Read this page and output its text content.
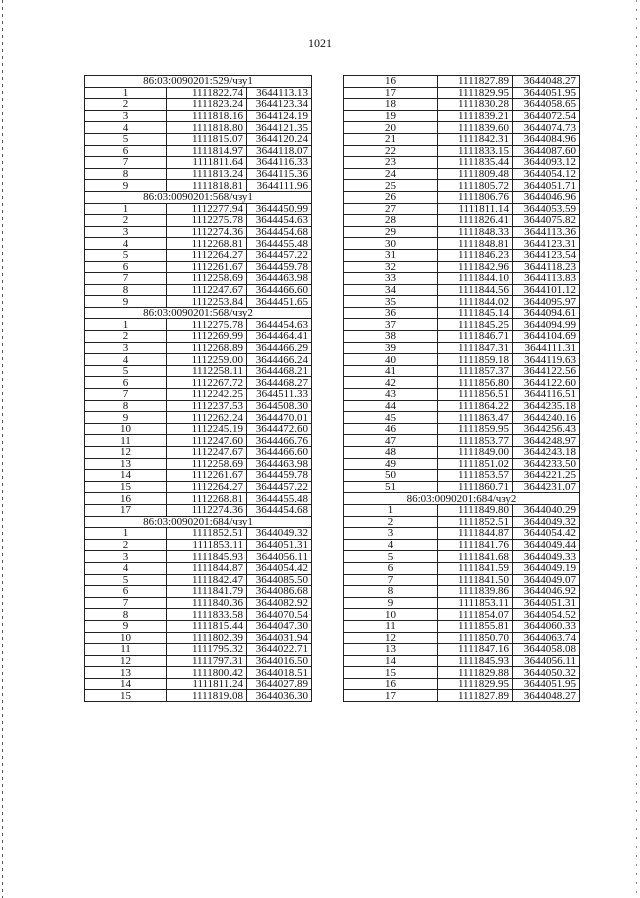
1021
86:03:0090201:529/чзу1		
1	1111822.74	3644113.13
2	1111823.24	3644123.34
3	1111818.16	3644124.19
4	1111818.80	3644121.35
5	1111815.07	3644120.24
6	1111814.97	3644118.07
7	1111811.64	3644116.33
8	1111813.24	3644115.36
9	1111818.81	3644111.96
86:03:0090201:568/чзу1		
1	1112277.94	3644450.99
2	1112275.78	3644454.63
3	1112274.36	3644454.68
4	1112268.81	3644455.48
5	1112264.27	3644457.22
6	1112261.67	3644459.78
7	1112258.69	3644463.98
8	1112247.67	3644466.60
9	1112253.84	3644451.65
86:03:0090201:568/чзу2		
1	1112275.78	3644454.63
2	1112269.99	3644464.41
3	1112268.89	3644466.29
4	1112259.00	3644466.24
5	1112258.11	3644468.21
6	1112267.72	3644468.27
7	1112242.25	3644511.33
8	1112237.53	3644508.30
9	1112262.24	3644470.01
10	1112245.19	3644472.60
11	1112247.60	3644466.76
12	1112247.67	3644466.60
13	1112258.69	3644463.98
14	1112261.67	3644459.78
15	1112264.27	3644457.22
16	1112268.81	3644455.48
17	1112274.36	3644454.68
86:03:0090201:684/чзу1		
1	1111852.51	3644049.32
2	1111853.11	3644051.31
3	1111845.93	3644056.11
4	1111844.87	3644054.42
5	1111842.47	3644085.50
6	1111841.79	3644086.68
7	1111840.36	3644082.92
8	1111833.58	3644070.54
9	1111815.44	3644047.30
10	1111802.39	3644031.94
11	1111795.32	3644022.71
12	1111797.31	3644016.50
13	1111800.42	3644018.51
14	1111811.24	3644027.89
15	1111819.08	3644036.30
16	1111827.89	3644048.27
17	1111829.95	3644051.95
18	1111830.28	3644058.65
19	1111839.21	3644072.54
20	1111839.60	3644074.73
21	1111842.31	3644084.96
22	1111833.15	3644087.60
23	1111835.44	3644093.12
24	1111809.48	3644054.12
25	1111805.72	3644051.71
26	1111806.76	3644046.96
27	1111811.14	3644053.59
28	1111826.41	3644075.82
29	1111848.33	3644113.36
30	1111848.81	3644123.31
31	1111846.23	3644123.54
32	1111842.96	3644118.23
33	1111844.10	3644113.83
34	1111844.56	3644101.12
35	1111844.02	3644095.97
36	1111845.14	3644094.61
37	1111845.25	3644094.99
38	1111846.71	3644104.69
39	1111847.31	3644111.31
40	1111859.18	3644119.63
41	1111857.37	3644122.56
42	1111856.80	3644122.60
43	1111856.51	3644116.51
44	1111864.22	3644235.18
45	1111863.47	3644240.16
46	1111859.95	3644256.43
47	1111853.77	3644248.97
48	1111849.00	3644243.18
49	1111851.02	3644233.50
50	1111853.57	3644221.25
51	1111860.71	3644231.07
86:03:0090201:684/чзу2		
1	1111849.80	3644040.29
2	1111852.51	3644049.32
3	1111844.87	3644054.42
4	1111841.76	3644049.44
5	1111841.68	3644049.33
6	1111841.59	3644049.19
7	1111841.50	3644049.07
8	1111839.86	3644046.92
9	1111853.11	3644051.31
10	1111854.07	3644054.52
11	1111855.81	3644060.33
12	1111850.70	3644063.74
13	1111847.16	3644058.08
14	1111845.93	3644056.11
15	1111829.88	3644050.32
16	1111829.95	3644051.95
17	1111827.89	3644048.27
